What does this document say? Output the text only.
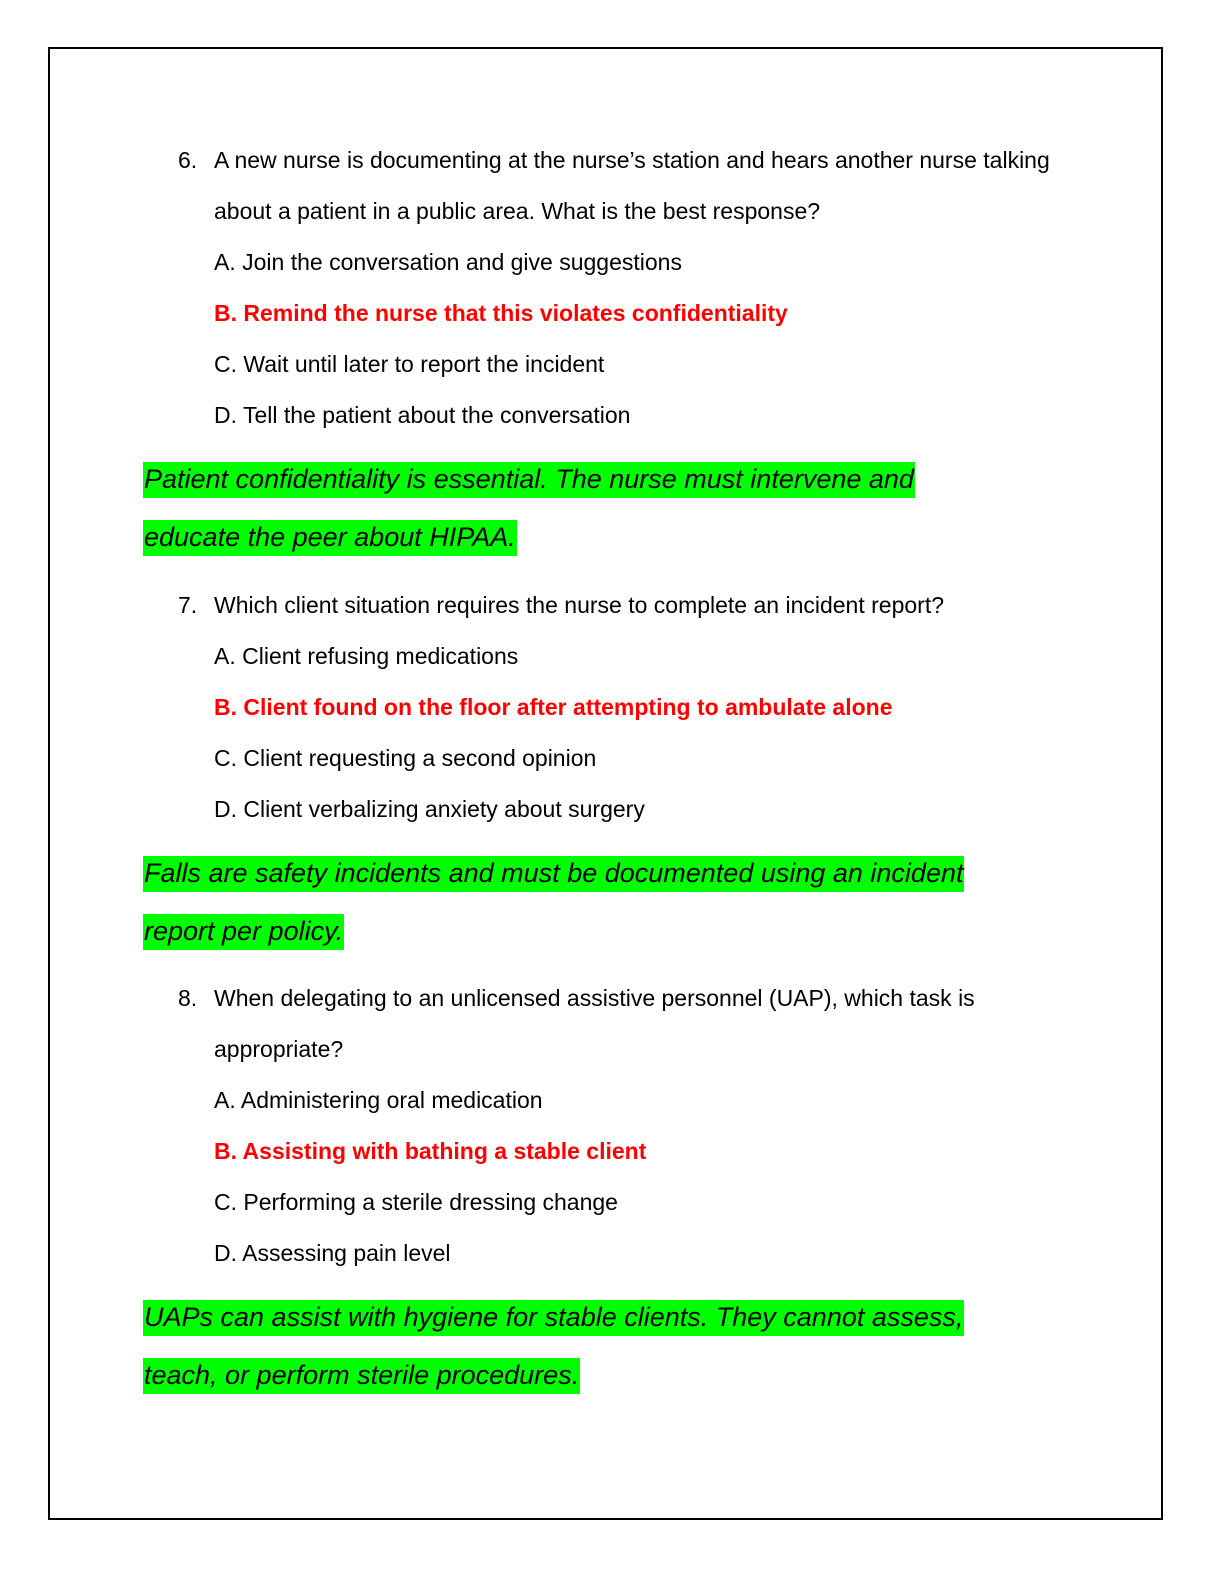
6. A new nurse is documenting at the nurse’s station and hears another nurse talking about a patient in a public area. What is the best response?
A. Join the conversation and give suggestions
B. Remind the nurse that this violates confidentiality
C. Wait until later to report the incident
D. Tell the patient about the conversation
Patient confidentiality is essential. The nurse must intervene and
educate the peer about HIPAA.
7. Which client situation requires the nurse to complete an incident report?
A. Client refusing medications
B. Client found on the floor after attempting to ambulate alone
C. Client requesting a second opinion
D. Client verbalizing anxiety about surgery
Falls are safety incidents and must be documented using an incident
report per policy.
8. When delegating to an unlicensed assistive personnel (UAP), which task is appropriate?
A. Administering oral medication
B. Assisting with bathing a stable client
C. Performing a sterile dressing change
D. Assessing pain level
UAPs can assist with hygiene for stable clients. They cannot assess,
teach, or perform sterile procedures.
